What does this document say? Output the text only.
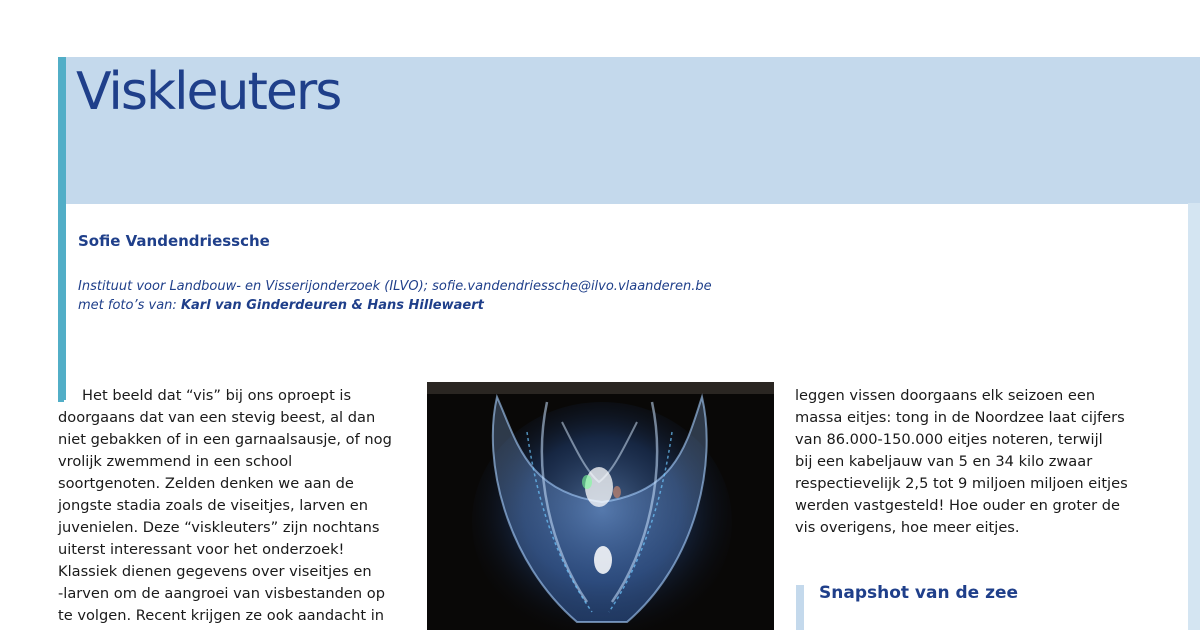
Viskleuters
Sofie Vandendriessche
Instituut voor Landbouw- en Visserijonderzoek (ILVO); sofie.vandendriessche@ilvo.vlaanderen.be
met foto’s van: Karl van Ginderdeuren & Hans Hillewaert

Het beeld dat “vis” bij ons oproept is

doorgaans dat van een stevig beest, al dan

niet gebakken of in een garnaalsausje, of nog

vrolijk zwemmend in een school

soortgenoten. Zelden denken we aan de

jongste stadia zoals de viseitjes, larven en

juvenielen. Deze “viskleuters” zijn nochtans

uiterst interessant voor het onderzoek!

Klassiek dienen gegevens over viseitjes en

-larven om de aangroei van visbestanden op

te volgen. Recent krijgen ze ook aandacht in

leggen vissen doorgaans elk seizoen een

massa eitjes: tong in de Noordzee laat cijfers

van 86.000-150.000 eitjes noteren, terwijl

bij een kabeljauw van 5 en 34 kilo zwaar

respectievelijk 2,5 tot 9 miljoen miljoen eitjes

werden vastgesteld! Hoe ouder en groter de

vis overigens, hoe meer eitjes.

Snapshot van de zee
